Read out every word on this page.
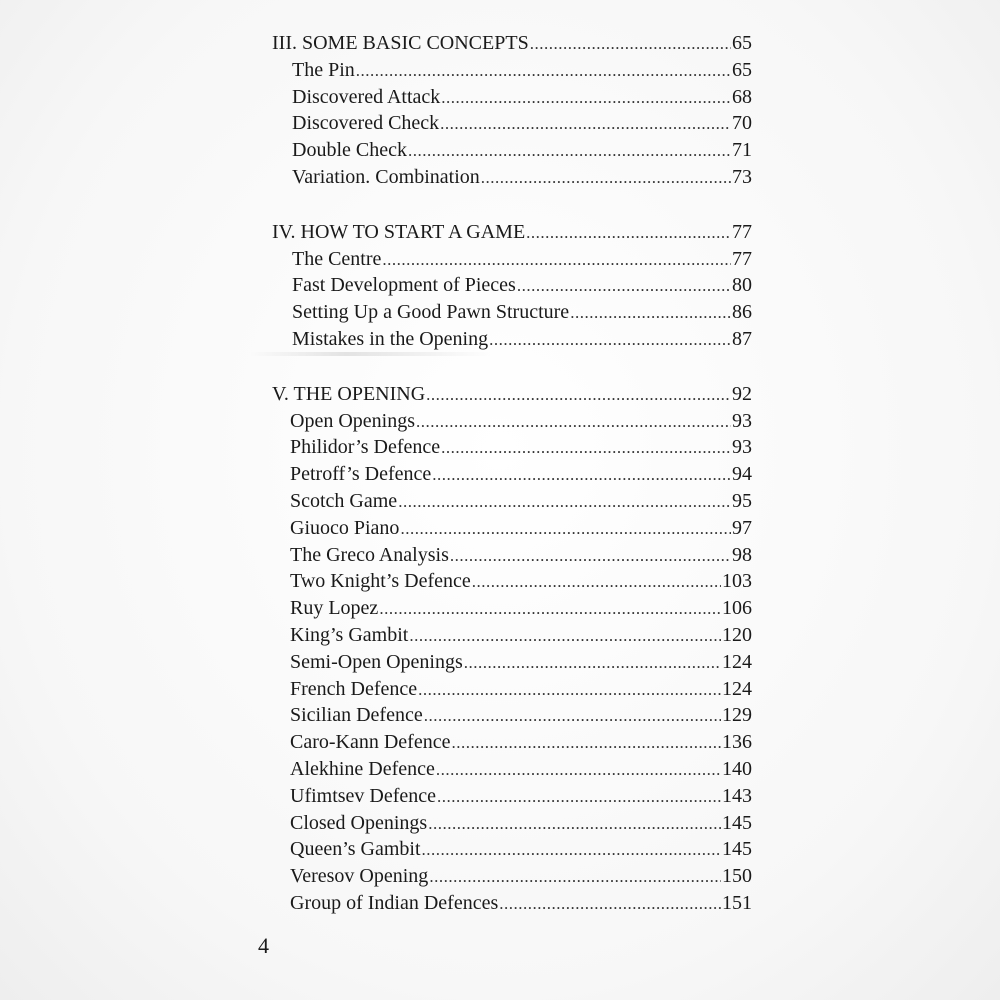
III. SOME BASIC CONCEPTS .....	65
The Pin .....	65
Discovered Attack .....	68
Discovered Check .....	70
Double Check .....	71
Variation. Combination .....	73
IV. HOW TO START A GAME .....	77
The Centre .....	77
Fast Development of Pieces .....	80
Setting Up a Good Pawn Structure .....	86
Mistakes in the Opening .....	87
V. THE OPENING .....	92
Open Openings .....	93
Philidor’s Defence .....	93
Petroff’s Defence .....	94
Scotch Game .....	95
Giuoco Piano .....	97
The Greco Analysis .....	98
Two Knight’s Defence .....	103
Ruy Lopez .....	106
King’s Gambit .....	120
Semi-Open Openings .....	124
French Defence .....	124
Sicilian Defence .....	129
Caro-Kann Defence .....	136
Alekhine Defence .....	140
Ufimtsev Defence .....	143
Closed Openings .....	145
Queen’s Gambit .....	145
Veresov Opening .....	150
Group of Indian Defences .....	151
4
